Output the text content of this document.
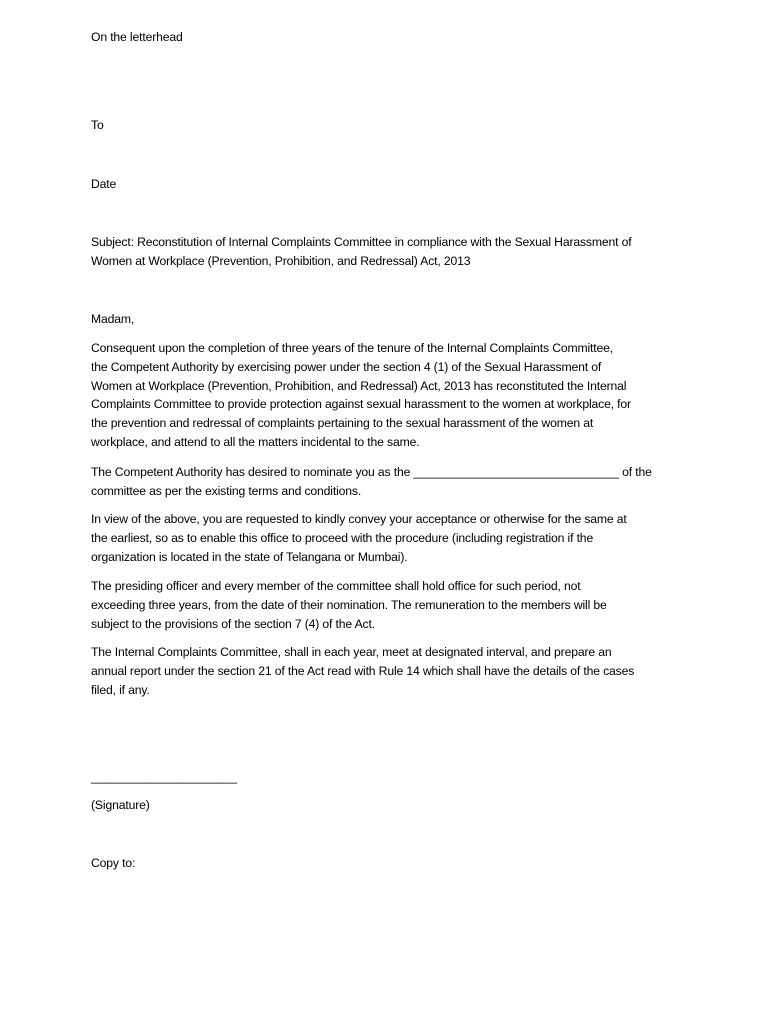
On the letterhead
To
Date
Subject: Reconstitution of Internal Complaints Committee in compliance with the Sexual Harassment of
Women at Workplace (Prevention, Prohibition, and Redressal) Act, 2013
Madam,
Consequent upon the completion of three years of the tenure of the Internal Complaints Committee,
the Competent Authority by exercising power under the section 4 (1) of the Sexual Harassment of
Women at Workplace (Prevention, Prohibition, and Redressal) Act, 2013 has reconstituted the Internal
Complaints Committee to provide protection against sexual harassment to the women at workplace, for
the prevention and redressal of complaints pertaining to the sexual harassment of the women at
workplace, and attend to all the matters incidental to the same.
The Competent Authority has desired to nominate you as the _______________________________ of the
committee as per the existing terms and conditions.
In view of the above, you are requested to kindly convey your acceptance or otherwise for the same at
the earliest, so as to enable this office to proceed with the procedure (including registration if the
organization is located in the state of Telangana or Mumbai).
The presiding officer and every member of the committee shall hold office for such period, not
exceeding three years, from the date of their nomination. The remuneration to the members will be
subject to the provisions of the section 7 (4) of the Act.
The Internal Complaints Committee, shall in each year, meet at designated interval, and prepare an
annual report under the section 21 of the Act read with Rule 14 which shall have the details of the cases
filed, if any.
______________________
(Signature)
Copy to:
